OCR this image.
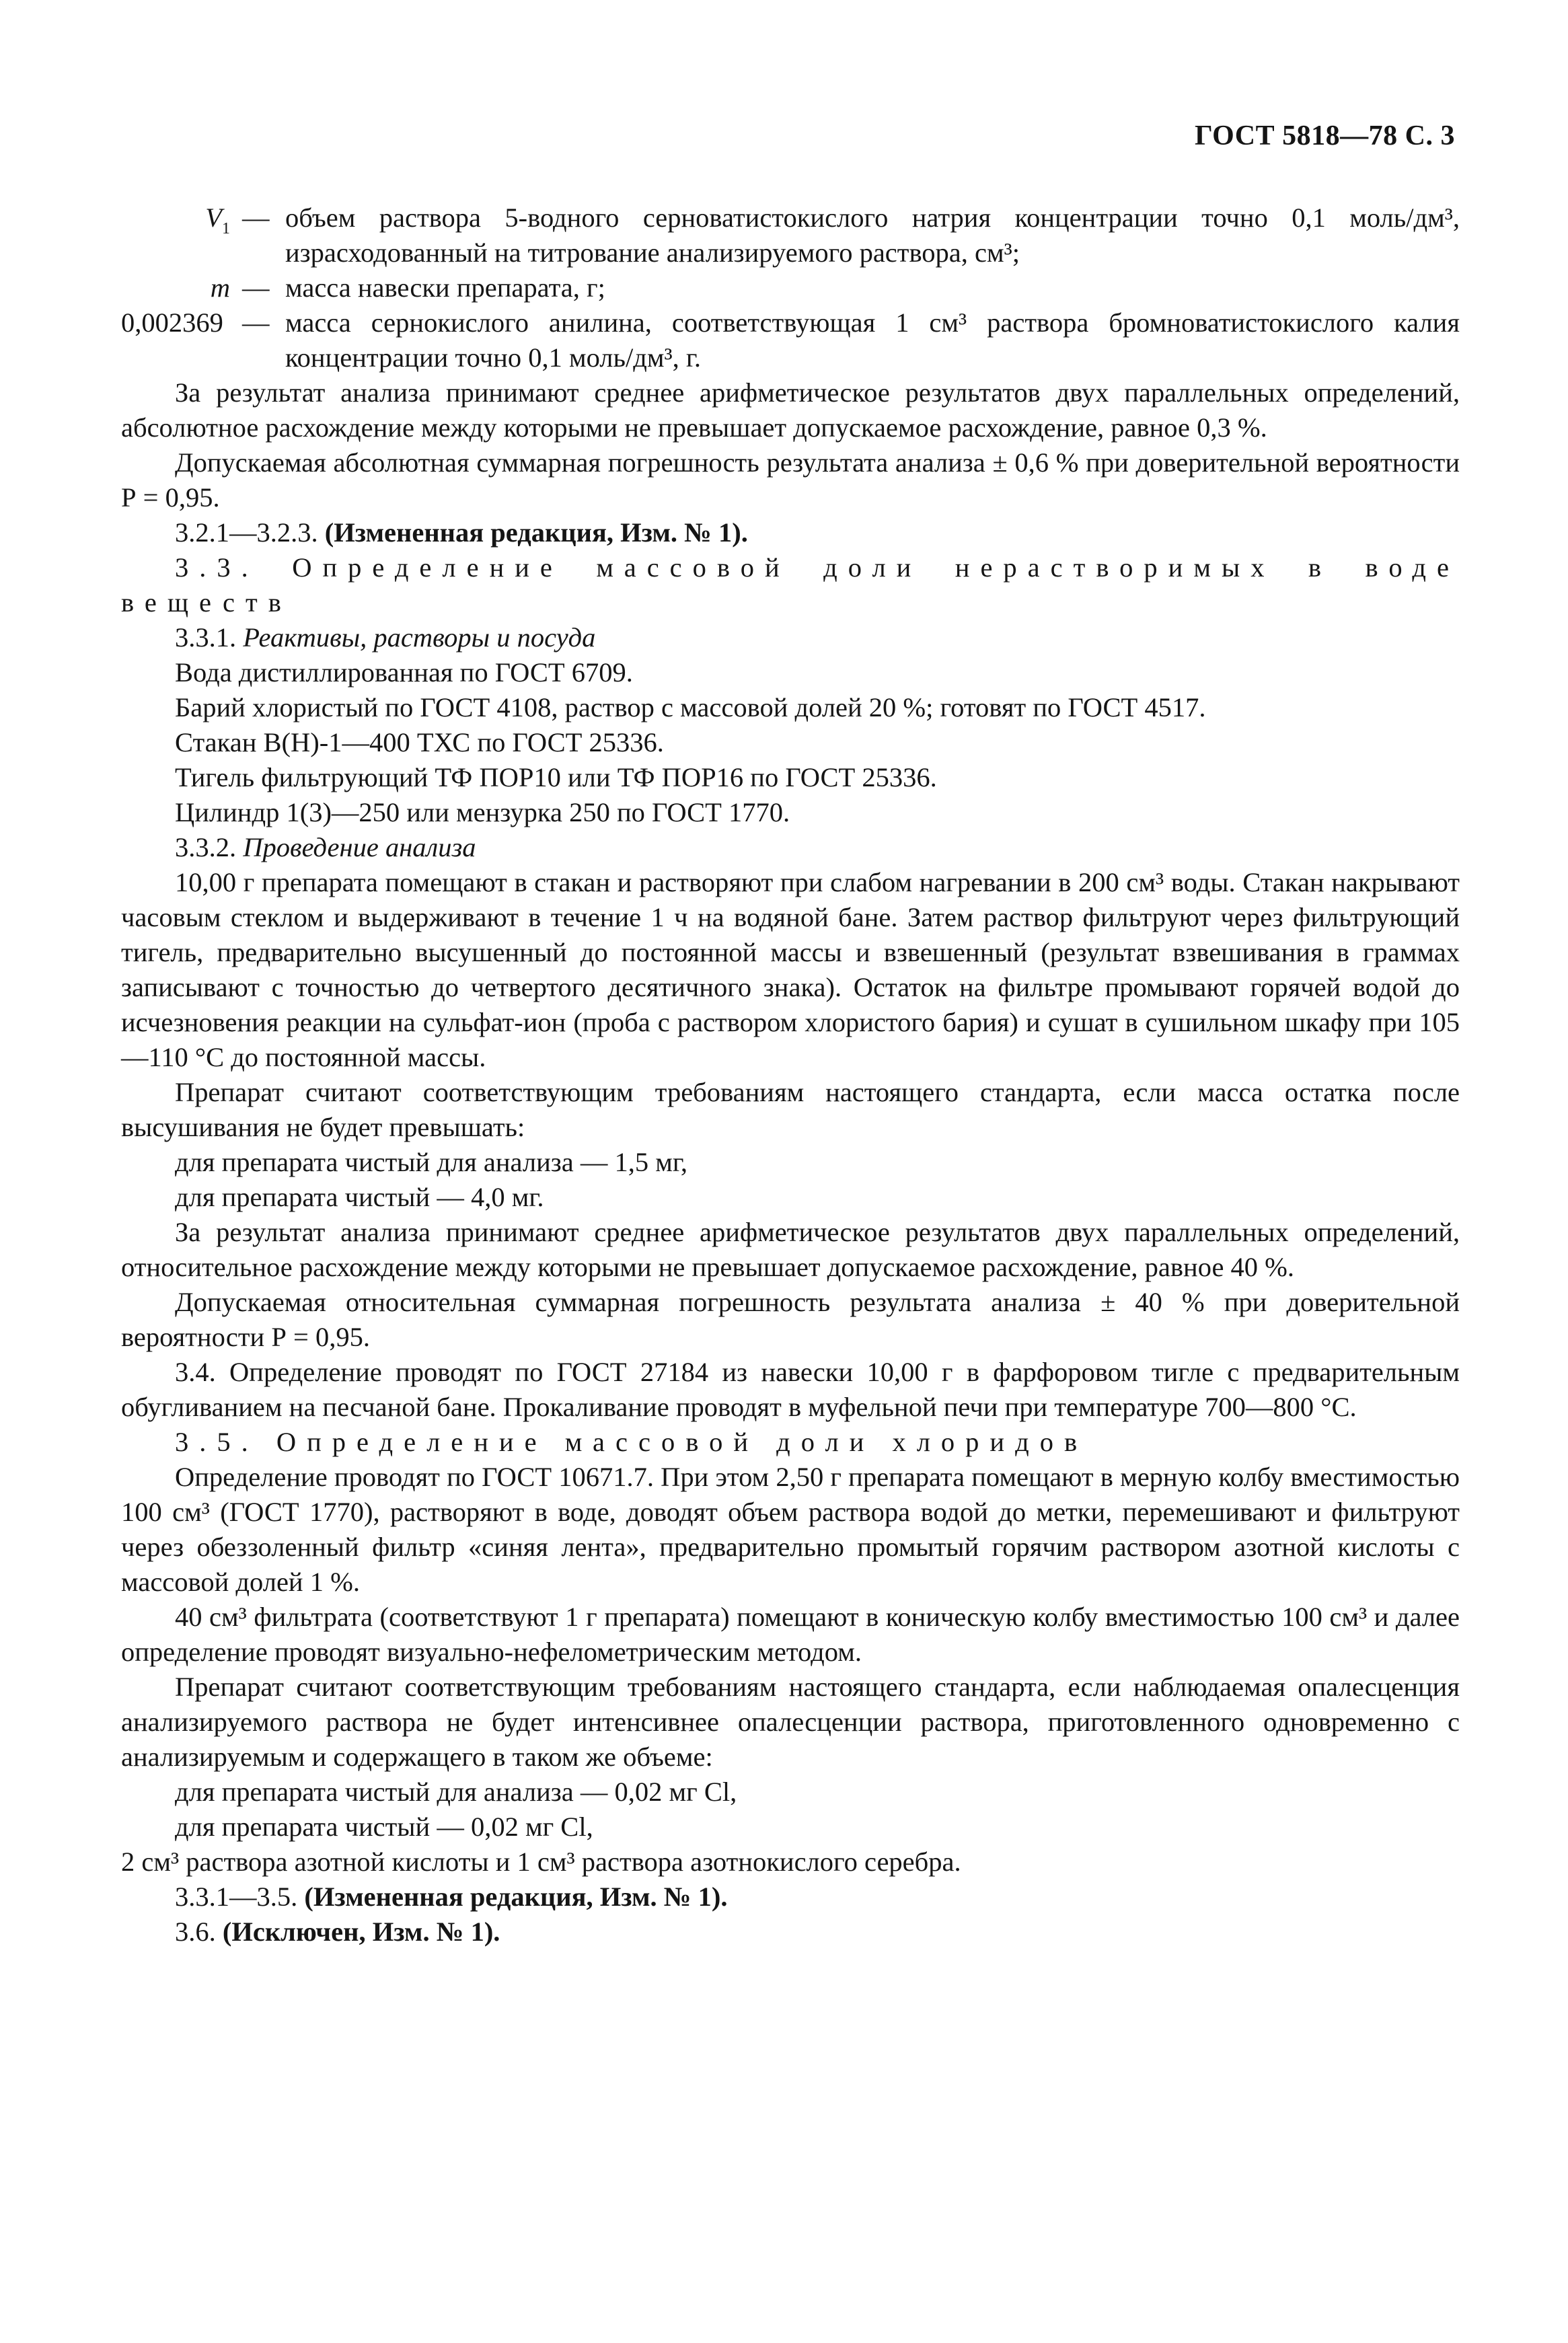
ГОСТ 5818—78 С. 3
$V_1$ — объем раствора 5-водного серноватистокислого натрия концентрации точно 0,1 моль/дм³, израсходованный на титрование анализируемого раствора, см³;
m — масса навески препарата, г;
0,002369 — масса сернокислого анилина, соответствующая 1 см³ раствора бромноватистокислого калия концентрации точно 0,1 моль/дм³, г.

За результат анализа принимают среднее арифметическое результатов двух параллельных определений, абсолютное расхождение между которыми не превышает допускаемое расхождение, равное 0,3 %.

Допускаемая абсолютная суммарная погрешность результата анализа ± 0,6 % при доверительной вероятности Р = 0,95.

3.2.1—3.2.3. (Измененная редакция, Изм. № 1).

3.3. Определение массовой доли нерастворимых в воде веществ

3.3.1. Реактивы, растворы и посуда

Вода дистиллированная по ГОСТ 6709.

Барий хлористый по ГОСТ 4108, раствор с массовой долей 20 %; готовят по ГОСТ 4517.

Стакан В(Н)-1—400 ТХС по ГОСТ 25336.

Тигель фильтрующий ТФ ПОР10 или ТФ ПОР16 по ГОСТ 25336.

Цилиндр 1(3)—250 или мензурка 250 по ГОСТ 1770.

3.3.2. Проведение анализа

10,00 г препарата помещают в стакан и растворяют при слабом нагревании в 200 см³ воды. Стакан накрывают часовым стеклом и выдерживают в течение 1 ч на водяной бане. Затем раствор фильтруют через фильтрующий тигель, предварительно высушенный до постоянной массы и взвешенный (результат взвешивания в граммах записывают с точностью до четвертого десятичного знака). Остаток на фильтре промывают горячей водой до исчезновения реакции на сульфат-ион (проба с раствором хлористого бария) и сушат в сушильном шкафу при 105—110 °С до постоянной массы.

Препарат считают соответствующим требованиям настоящего стандарта, если масса остатка после высушивания не будет превышать:

для препарата чистый для анализа — 1,5 мг,

для препарата чистый — 4,0 мг.

За результат анализа принимают среднее арифметическое результатов двух параллельных определений, относительное расхождение между которыми не превышает допускаемое расхождение, равное 40 %.

Допускаемая относительная суммарная погрешность результата анализа ± 40 % при доверительной вероятности Р = 0,95.

3.4. Определение проводят по ГОСТ 27184 из навески 10,00 г в фарфоровом тигле с предварительным обугливанием на песчаной бане. Прокаливание проводят в муфельной печи при температуре 700—800 °С.

3.5. Определение массовой доли хлоридов

Определение проводят по ГОСТ 10671.7. При этом 2,50 г препарата помещают в мерную колбу вместимостью 100 см³ (ГОСТ 1770), растворяют в воде, доводят объем раствора водой до метки, перемешивают и фильтруют через обеззоленный фильтр «синяя лента», предварительно промытый горячим раствором азотной кислоты с массовой долей 1 %.

40 см³ фильтрата (соответствуют 1 г препарата) помещают в коническую колбу вместимостью 100 см³ и далее определение проводят визуально-нефелометрическим методом.

Препарат считают соответствующим требованиям настоящего стандарта, если наблюдаемая опалесценция анализируемого раствора не будет интенсивнее опалесценции раствора, приготовленного одновременно с анализируемым и содержащего в таком же объеме:

для препарата чистый для анализа — 0,02 мг Cl,

для препарата чистый — 0,02 мг Cl,

2 см³ раствора азотной кислоты и 1 см³ раствора азотнокислого серебра.

3.3.1—3.5. (Измененная редакция, Изм. № 1).

3.6. (Исключен, Изм. № 1).
